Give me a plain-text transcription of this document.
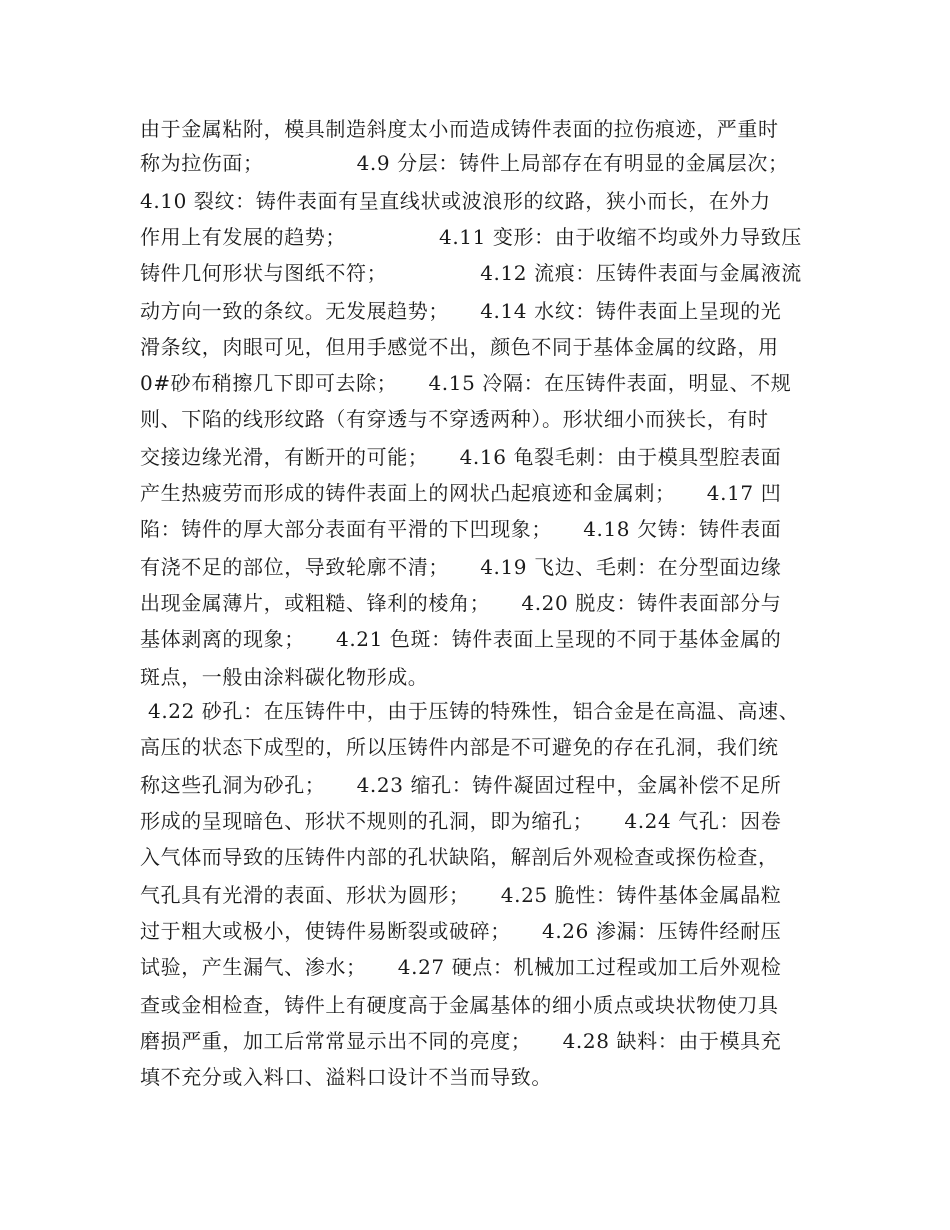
由于金属粘附，模具制造斜度太小而造成铸件表面的拉伤痕迹，严重时
称为拉伤面；　　　　　4.9 分层：铸件上局部存在有明显的金属层次；
4.10 裂纹：铸件表面有呈直线状或波浪形的纹路，狭小而长，在外力
作用上有发展的趋势；　　　　　4.11 变形：由于收缩不均或外力导致压
铸件几何形状与图纸不符；　　　　　4.12 流痕：压铸件表面与金属液流
动方向一致的条纹。无发展趋势；　　4.14 水纹：铸件表面上呈现的光
滑条纹，肉眼可见，但用手感觉不出，颜色不同于基体金属的纹路，用
0#砂布稍擦几下即可去除；　　4.15 冷隔：在压铸件表面，明显、不规
则、下陷的线形纹路（有穿透与不穿透两种）。形状细小而狭长，有时
交接边缘光滑，有断开的可能；　　4.16 龟裂毛刺：由于模具型腔表面
产生热疲劳而形成的铸件表面上的网状凸起痕迹和金属刺；　　4.17 凹
陷：铸件的厚大部分表面有平滑的下凹现象；　　4.18 欠铸：铸件表面
有浇不足的部位，导致轮廓不清；　　4.19 飞边、毛刺：在分型面边缘
出现金属薄片，或粗糙、锋利的棱角；　　4.20 脱皮：铸件表面部分与
基体剥离的现象；　　4.21 色斑：铸件表面上呈现的不同于基体金属的
斑点，一般由涂料碳化物形成。
4.22 砂孔：在压铸件中，由于压铸的特殊性，铝合金是在高温、高速、
高压的状态下成型的，所以压铸件内部是不可避免的存在孔洞，我们统
称这些孔洞为砂孔；　　4.23 缩孔：铸件凝固过程中，金属补偿不足所
形成的呈现暗色、形状不规则的孔洞，即为缩孔；　　4.24 气孔：因卷
入气体而导致的压铸件内部的孔状缺陷，解剖后外观检查或探伤检查，
气孔具有光滑的表面、形状为圆形；　　4.25 脆性：铸件基体金属晶粒
过于粗大或极小，使铸件易断裂或破碎；　　4.26 渗漏：压铸件经耐压
试验，产生漏气、渗水；　　4.27 硬点：机械加工过程或加工后外观检
查或金相检查，铸件上有硬度高于金属基体的细小质点或块状物使刀具
磨损严重，加工后常常显示出不同的亮度；　　4.28 缺料：由于模具充
填不充分或入料口、溢料口设计不当而导致。
